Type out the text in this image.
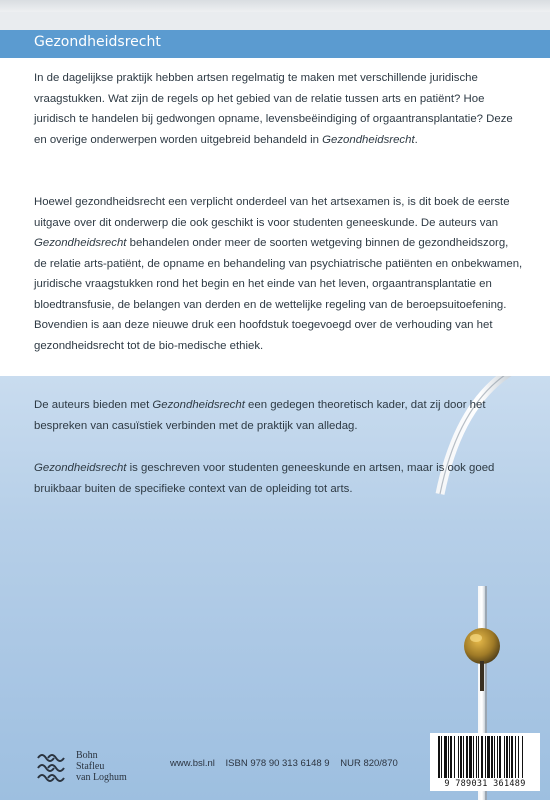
Gezondheidsrecht

In de dagelijkse praktijk hebben artsen regelmatig te maken met verschillende juridische vraagstukken. Wat zijn de regels op het gebied van de relatie tussen arts en patiënt? Hoe juridisch te handelen bij gedwongen opname, levensbeëindiging of orgaantransplantatie? Deze en overige onderwerpen worden uitgebreid behandeld in Gezondheidsrecht.

Hoewel gezondheidsrecht een verplicht onderdeel van het artsexamen is, is dit boek de eerste uitgave over dit onderwerp die ook geschikt is voor studenten geneeskunde. De auteurs van Gezondheidsrecht behandelen onder meer de soorten wetgeving binnen de gezondheidszorg, de relatie arts-patiënt, de opname en behandeling van psychiatrische patiënten en onbekwamen, juridische vraagstukken rond het begin en het einde van het leven, orgaantransplantatie en bloedtransfusie, de belangen van derden en de wettelijke regeling van de beroepsuitoefening. Bovendien is aan deze nieuwe druk een hoofdstuk toegevoegd over de verhouding van het gezondheidsrecht tot de bio-medische ethiek.

De auteurs bieden met Gezondheidsrecht een gedegen theoretisch kader, dat zij door het bespreken van casuïstiek verbinden met de praktijk van alledag.

Gezondheidsrecht is geschreven voor studenten geneeskunde en artsen, maar is ook goed bruikbaar buiten de specifieke context van de opleiding tot arts.

Bohn
Stafleu
van Loghum
www.bsl.nl ISBN 978 90 313 6148 9 NUR 820/870
9 789031 361489
